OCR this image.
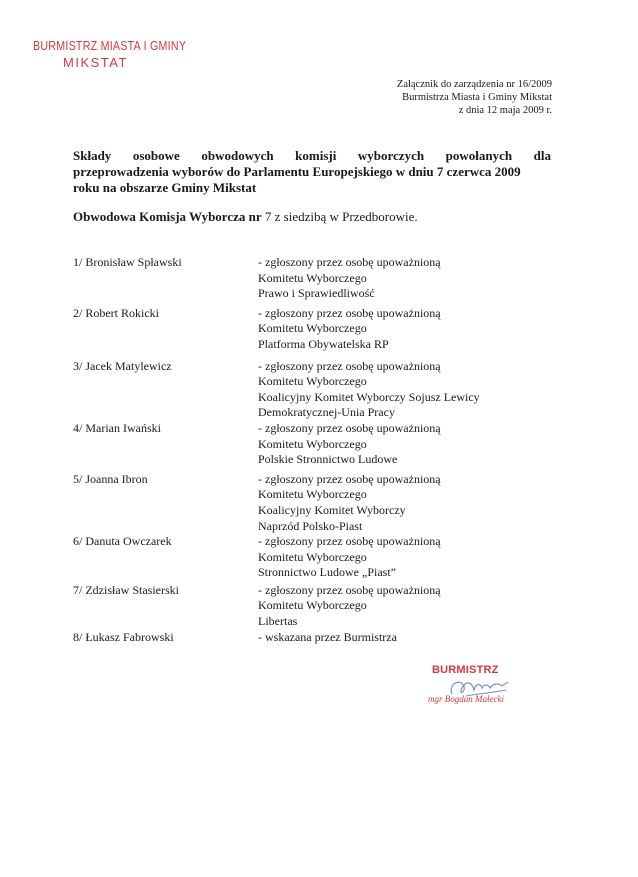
BURMISTRZ MIASTA I GMINY
MIKSTAT
Załącznik do zarządzenia nr 16/2009
Burmistrza Miasta i Gminy Mikstat
z dnia 12 maja 2009 r.
Składy osobowe obwodowych komisji wyborczych powołanych dla
przeprowadzenia wyborów do Parlamentu Europejskiego w dniu 7 czerwca 2009
roku na obszarze Gminy Mikstat
Obwodowa Komisja Wyborcza nr 7 z siedzibą w Przedborowie.
1/ Bronisław Spławski	- zgłoszony przez osobę upoważnioną
Komitetu Wyborczego
Prawo i Sprawiedliwość
2/ Robert Rokicki	- zgłoszony przez osobę upoważnioną
Komitetu Wyborczego
Platforma Obywatelska RP
3/ Jacek Matylewicz	- zgłoszony przez osobę upoważnioną
Komitetu Wyborczego
Koalicyjny Komitet Wyborczy Sojusz Lewicy
Demokratycznej-Unia Pracy
4/ Marian Iwański	- zgłoszony przez osobę upoważnioną
Komitetu Wyborczego
Polskie Stronnictwo Ludowe
5/ Joanna Ibron	- zgłoszony przez osobę upoważnioną
Komitetu Wyborczego
Koalicyjny Komitet Wyborczy
Naprzód Polsko-Piast
6/ Danuta Owczarek	- zgłoszony przez osobę upoważnioną
Komitetu Wyborczego
Stronnictwo Ludowe „Piast”
7/ Zdzisław Stasierski	- zgłoszony przez osobę upoważnioną
Komitetu Wyborczego
Libertas
8/ Łukasz Fabrowski	- wskazana przez Burmistrza
BURMISTRZ
mgr Bogdan Małecki
